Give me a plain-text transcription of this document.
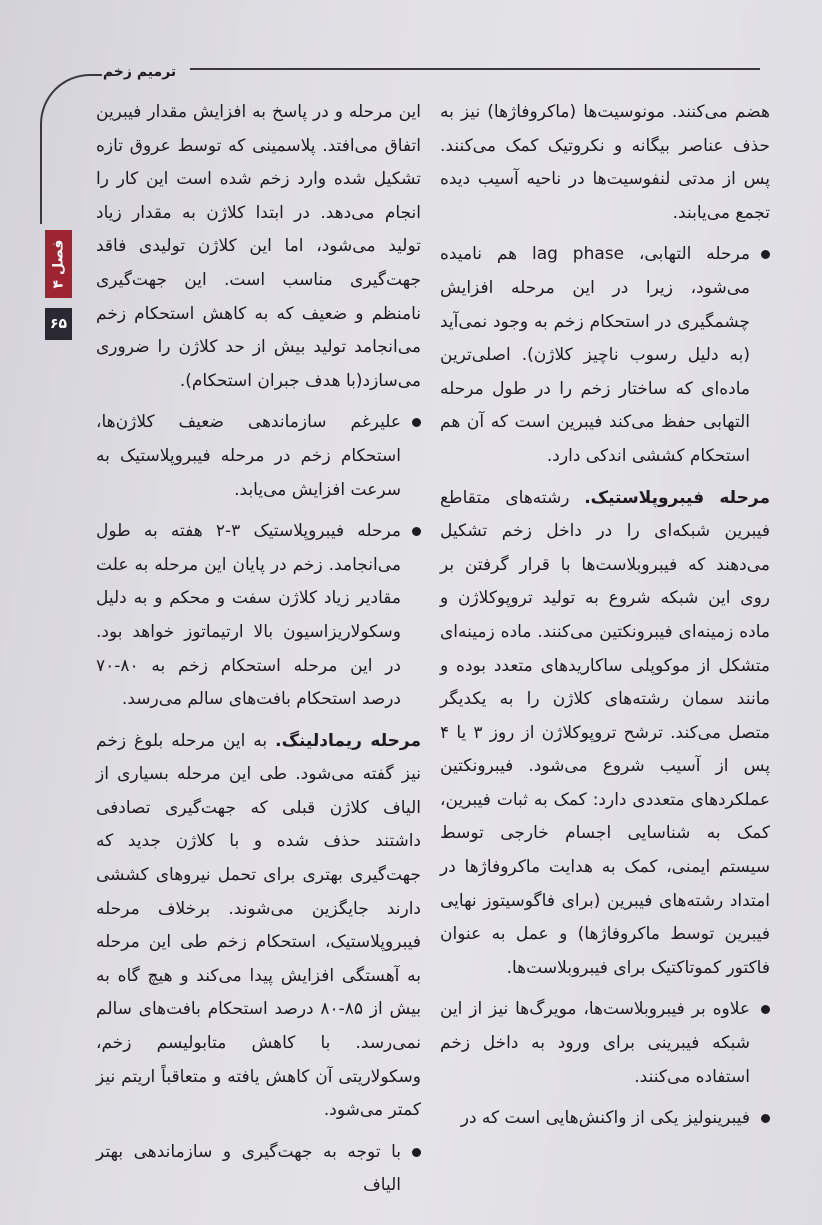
ترمیم زخم
فصل ۴
۶۵

هضم می‌کنند. مونوسیت‌ها (ماکروفاژها) نیز به حذف عناصر بیگانه و نکروتیک کمک می‌کنند. پس از مدتی لنفوسیت‌ها در ناحیه آسیب دیده تجمع می‌یابند.

مرحله التهابی، lag phase هم نامیده می‌شود، زیرا در این مرحله افزایش چشمگیری در استحکام زخم به وجود نمی‌آید (به دلیل رسوب ناچیز کلاژن). اصلی‌ترین ماده‌ای که ساختار زخم را در طول مرحله التهابی حفظ می‌کند فیبرین است که آن هم استحکام کششی اندکی دارد.

مرحله فیبروپلاستیک. رشته‌های متقاطع فیبرین شبکه‌ای را در داخل زخم تشکیل می‌دهند که فیبروبلاست‌ها با قرار گرفتن بر روی این شبکه شروع به تولید تروپوکلاژن و ماده زمینه‌ای فیبرونکتین می‌کنند. ماده زمینه‌ای متشکل از موکوپلی ساکاریدهای متعدد بوده و مانند سمان رشته‌های کلاژن را به یکدیگر متصل می‌کند. ترشح تروپوکلاژن از روز ۳ یا ۴ پس از آسیب شروع می‌شود. فیبرونکتین عملکردهای متعددی دارد: کمک به ثبات فیبرین، کمک به شناسایی اجسام خارجی توسط سیستم ایمنی، کمک به هدایت ماکروفاژها در امتداد رشته‌های فیبرین (برای فاگوسیتوز نهایی فیبرین توسط ماکروفاژها) و عمل به عنوان فاکتور کموتاکتیک برای فیبروبلاست‌ها.

علاوه بر فیبروبلاست‌ها، مویرگ‌ها نیز از این شبکه فیبرینی برای ورود به داخل زخم استفاده می‌کنند.
فیبرینولیز یکی از واکنش‌هایی است که در

این مرحله و در پاسخ به افزایش مقدار فیبرین اتفاق می‌افتد. پلاسمینی که توسط عروق تازه تشکیل شده وارد زخم شده است این کار را انجام می‌دهد. در ابتدا کلاژن به مقدار زیاد تولید می‌شود، اما این کلاژن تولیدی فاقد جهت‌گیری مناسب است. این جهت‌گیری نامنظم و ضعیف که به کاهش استحکام زخم می‌انجامد تولید بیش از حد کلاژن را ضروری می‌سازد(با هدف جبران استحکام).

علیرغم سازماندهی ضعیف کلاژن‌ها، استحکام زخم در مرحله فیبروپلاستیک به سرعت افزایش می‌یابد.
مرحله فیبروپلاستیک ۳-۲ هفته به طول می‌انجامد. زخم در پایان این مرحله به علت مقادیر زیاد کلاژن سفت و محکم و به دلیل وسکولاریزاسیون بالا ارتیماتوز خواهد بود. در این مرحله استحکام زخم به ۸۰-۷۰ درصد استحکام بافت‌های سالم می‌رسد.

مرحله ریمادلینگ. به این مرحله بلوغ زخم نیز گفته می‌شود. طی این مرحله بسیاری از الیاف کلاژن قبلی که جهت‌گیری تصادفی داشتند حذف شده و با کلاژن جدید که جهت‌گیری بهتری برای تحمل نیروهای کششی دارند جایگزین می‌شوند. برخلاف مرحله فیبروپلاستیک، استحکام زخم طی این مرحله به آهستگی افزایش پیدا می‌کند و هیچ گاه به بیش از ۸۵-۸۰ درصد استحکام بافت‌های سالم نمی‌رسد. با کاهش متابولیسم زخم، وسکولاریتی آن کاهش یافته و متعاقباً اریتم نیز کمتر می‌شود.

با توجه به جهت‌گیری و سازماندهی بهتر الیاف
